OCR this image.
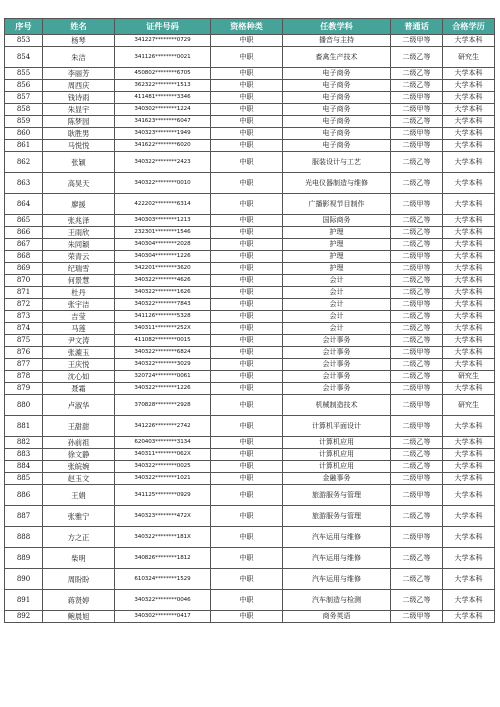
序号	姓名	证件号码	资格种类	任教学科	普通话	合格学历
853	杨琴	341227********0729	中职	播音与主持	二级甲等	大学本科
854	朱洁	341126********0021	中职	畜禽生产技术	二级乙等	研究生
855	李丽芳	450802********6705	中职	电子商务	二级乙等	大学本科
856	周西庆	362322********1513	中职	电子商务	二级乙等	大学本科
857	钱诗雨	411481********3346	中职	电子商务	二级甲等	大学本科
858	朱显宇	340302********1224	中职	电子商务	二级甲等	大学本科
859	陈梦园	341623********6047	中职	电子商务	二级乙等	大学本科
860	耿胜男	340323********1949	中职	电子商务	二级甲等	大学本科
861	马悦悦	341622********6020	中职	电子商务	二级甲等	大学本科
862	张颖	340322********2423	中职	服装设计与工艺	二级乙等	大学本科
863	高昊天	340322********0010	中职	光电仪器制造与维修	二级乙等	大学本科
864	廖援	422202********6314	中职	广播影视节目制作	二级甲等	大学本科
865	张兆泽	340303********1213	中职	国际商务	二级乙等	大学本科
866	王雨欣	232301********1546	中职	护理	二级乙等	大学本科
867	朱同颖	340304********2028	中职	护理	二级乙等	大学本科
868	荣青云	340304********1226	中职	护理	二级甲等	大学本科
869	纪瑞雪	342201********3620	中职	护理	二级甲等	大学本科
870	何景慧	340322********4626	中职	会计	二级乙等	大学本科
871	杜丹	340322********1626	中职	会计	二级乙等	大学本科
872	张宇洁	340322********7843	中职	会计	二级甲等	大学本科
873	吉莹	341126********5328	中职	会计	二级乙等	大学本科
874	马莲	340311********252X	中职	会计	二级乙等	大学本科
875	尹文涛	411082********0015	中职	会计事务	二级乙等	大学本科
876	张漉玉	340322********6824	中职	会计事务	二级甲等	大学本科
877	王庆悦	340322********3029	中职	会计事务	二级乙等	大学本科
878	沈心如	320724********0061	中职	会计事务	二级乙等	研究生
879	聂霜	340322********1226	中职	会计事务	二级甲等	大学本科
880	卢淑华	370828********2928	中职	机械制造技术	二级甲等	研究生
881	王甜甜	341226********2742	中职	计算机平面设计	二级甲等	大学本科
882	孙前祖	620403********3134	中职	计算机应用	二级乙等	大学本科
883	徐文静	340311********062X	中职	计算机应用	二级乙等	大学本科
884	张皖婉	340322********0025	中职	计算机应用	二级乙等	大学本科
885	赵玉文	340322********1021	中职	金融事务	二级甲等	大学本科
886	王娟	341125********0929	中职	旅游服务与管理	二级甲等	大学本科
887	张雅宁	340323********472X	中职	旅游服务与管理	二级乙等	大学本科
888	方之正	340322********181X	中职	汽车运用与维修	二级甲等	大学本科
889	柴明	340826********1812	中职	汽车运用与维修	二级乙等	大学本科
890	周盼盼	610324********1529	中职	汽车运用与维修	二级乙等	大学本科
891	蒋贤婷	340322********0046	中职	汽车制造与检测	二级乙等	大学本科
892	鲍晨旭	340302********0417	中职	商务英语	二级甲等	大学本科
